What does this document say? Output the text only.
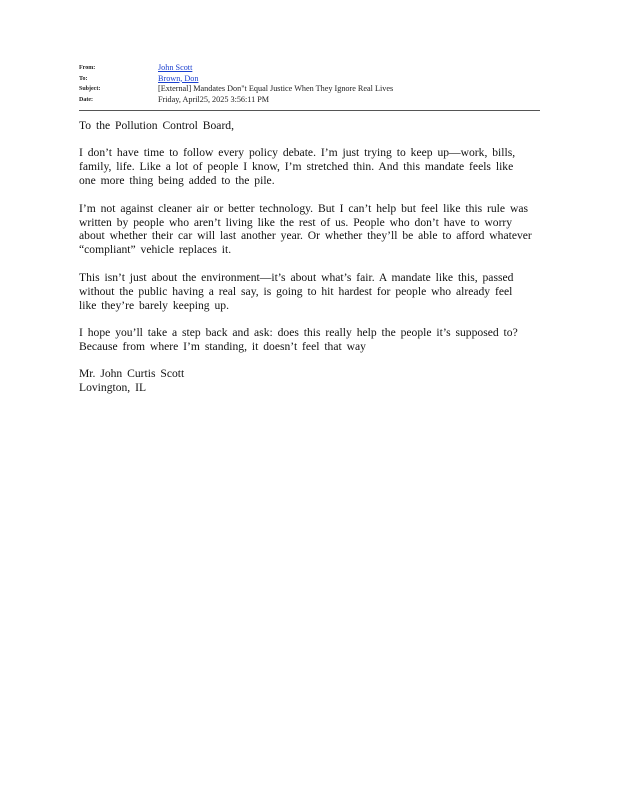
From:	John Scott
To:	Brown, Don
Subject:	[External] Mandates Don"t Equal Justice When They Ignore Real Lives
Date:	Friday, April25, 2025 3:56:11 PM

To the Pollution Control Board,

I don’t have time to follow every policy debate. I’m just trying to keep up—work, bills, family, life. Like a lot of people I know, I’m stretched thin. And this mandate feels like one more thing being added to the pile.

I’m not against cleaner air or better technology. But I can’t help but feel like this rule was written by people who aren’t living like the rest of us. People who don’t have to worry about whether their car will last another year. Or whether they’ll be able to afford whatever “compliant” vehicle replaces it.

This isn’t just about the environment—it’s about what’s fair. A mandate like this, passed without the public having a real say, is going to hit hardest for people who already feel like they’re barely keeping up.

I hope you’ll take a step back and ask: does this really help the people it’s supposed to? Because from where I’m standing, it doesn’t feel that way

Mr. John Curtis Scott

Lovington, IL
